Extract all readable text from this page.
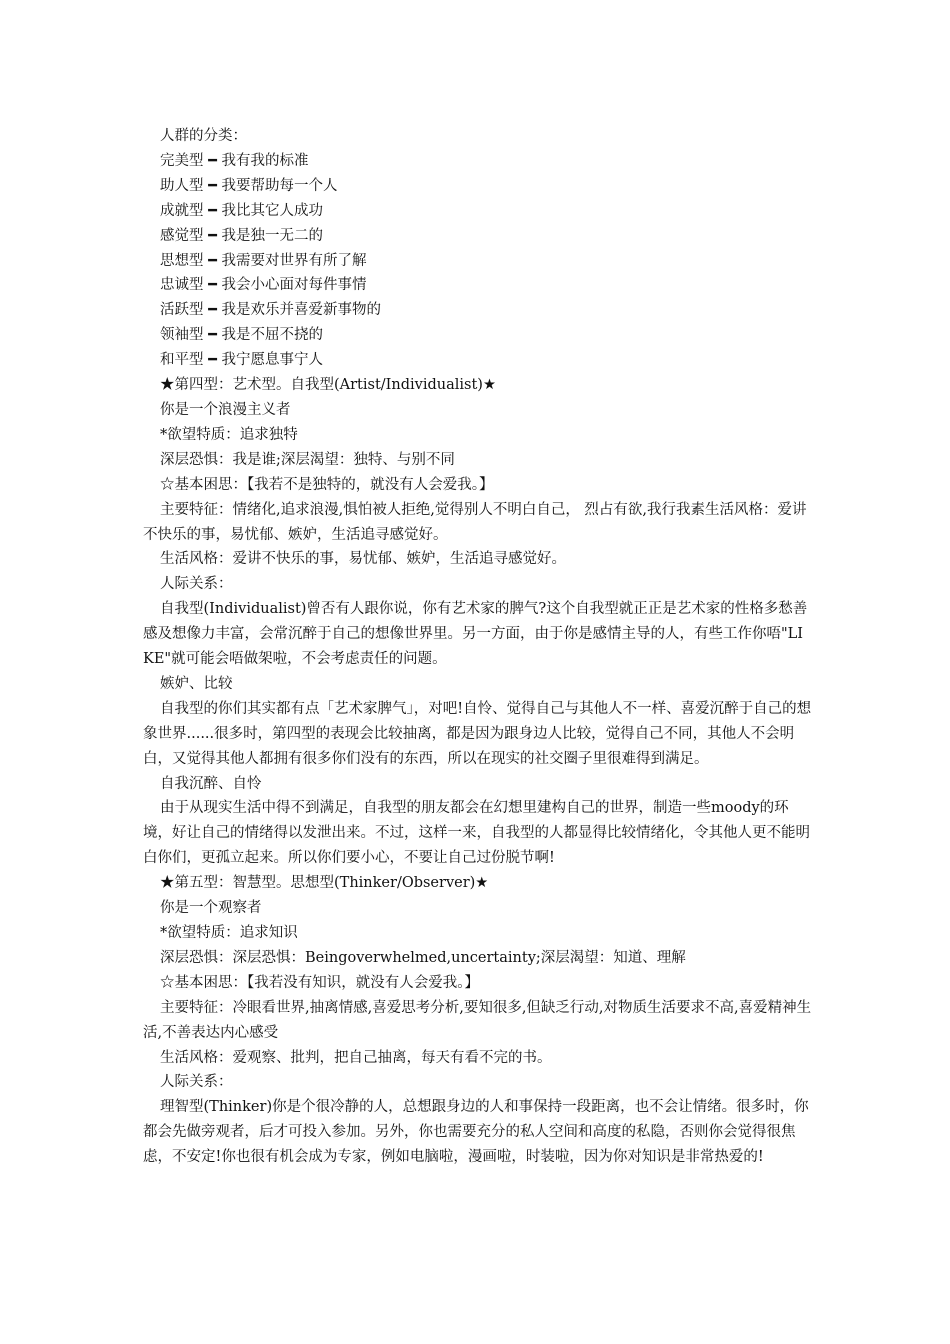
人群的分类：

完美型 ━ 我有我的标准

助人型 ━ 我要帮助每一个人

成就型 ━ 我比其它人成功

感觉型 ━ 我是独一无二的

思想型 ━ 我需要对世界有所了解

忠诚型 ━ 我会小心面对每件事情

活跃型 ━ 我是欢乐并喜爱新事物的

领袖型 ━ 我是不屈不挠的

和平型 ━ 我宁愿息事宁人

★第四型：艺术型。自我型(Artist/Individualist)★

你是一个浪漫主义者

*欲望特质：追求独特

深层恐惧：我是谁;深层渴望：独特、与别不同

☆基本困思：【我若不是独特的，就没有人会爱我。】

主要特征：情绪化,追求浪漫,惧怕被人拒绝,觉得别人不明白自己， 烈占有欲,我行我素生活风格：爱讲不快乐的事，易忧郁、嫉妒，生活追寻感觉好。

生活风格：爱讲不快乐的事，易忧郁、嫉妒，生活追寻感觉好。

人际关系：

自我型(Individualist)曾否有人跟你说，你有艺术家的脾气?这个自我型就正正是艺术家的性格多愁善感及想像力丰富，会常沉醉于自己的想像世界里。另一方面，由于你是感情主导的人，有些工作你唔"LIKE"就可能会唔做架啦，不会考虑责任的问题。

嫉妒、比较

自我型的你们其实都有点「艺术家脾气」，对吧!自怜、觉得自己与其他人不一样、喜爱沉醉于自己的想象世界......很多时，第四型的表现会比较抽离，都是因为跟身边人比较，觉得自己不同，其他人不会明白，又觉得其他人都拥有很多你们没有的东西，所以在现实的社交圈子里很难得到满足。

自我沉醉、自怜

由于从现实生活中得不到满足，自我型的朋友都会在幻想里建构自己的世界，制造一些moody的环境，好让自己的情绪得以发泄出来。不过，这样一来，自我型的人都显得比较情绪化，令其他人更不能明白你们，更孤立起来。所以你们要小心，不要让自己过份脱节啊!

★第五型：智慧型。思想型(Thinker/Observer)★

你是一个观察者

*欲望特质：追求知识

深层恐惧：深层恐惧：Beingoverwhelmed,uncertainty;深层渴望：知道、理解

☆基本困思：【我若没有知识，就没有人会爱我。】

主要特征：冷眼看世界,抽离情感,喜爱思考分析,要知很多,但缺乏行动,对物质生活要求不高,喜爱精神生活,不善表达内心感受

生活风格：爱观察、批判，把自己抽离，每天有看不完的书。

人际关系：

理智型(Thinker)你是个很冷静的人，总想跟身边的人和事保持一段距离，也不会让情绪。很多时，你都会先做旁观者，后才可投入参加。另外，你也需要充分的私人空间和高度的私隐，否则你会觉得很焦虑，不安定!你也很有机会成为专家，例如电脑啦，漫画啦，时装啦，因为你对知识是非常热爱的!
